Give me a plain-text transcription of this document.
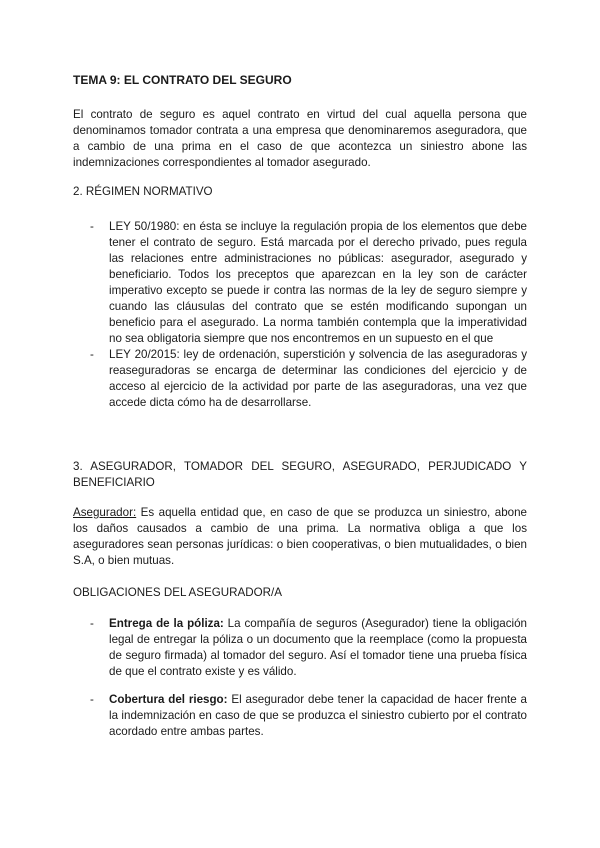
TEMA 9: EL CONTRATO DEL SEGURO

El contrato de seguro es aquel contrato en virtud del cual aquella persona que denominamos tomador contrata a una empresa que denominaremos aseguradora, que a cambio de una prima en el caso de que acontezca un siniestro abone las indemnizaciones correspondientes al tomador asegurado.

2. RÉGIMEN NORMATIVO

- LEY 50/1980: en ésta se incluye la regulación propia de los elementos que debe tener el contrato de seguro. Está marcada por el derecho privado, pues regula las relaciones entre administraciones no públicas: asegurador, asegurado y beneficiario. Todos los preceptos que aparezcan en la ley son de carácter imperativo excepto se puede ir contra las normas de la ley de seguro siempre y cuando las cláusulas del contrato que se estén modificando supongan un beneficio para el asegurado. La norma también contempla que la imperatividad no sea obligatoria siempre que nos encontremos en un supuesto en el que
- LEY 20/2015: ley de ordenación, superstición y solvencia de las aseguradoras y reaseguradoras se encarga de determinar las condiciones del ejercicio y de acceso al ejercicio de la actividad por parte de las aseguradoras, una vez que accede dicta cómo ha de desarrollarse.

3. ASEGURADOR, TOMADOR DEL SEGURO, ASEGURADO, PERJUDICADO Y BENEFICIARIO

Asegurador: Es aquella entidad que, en caso de que se produzca un siniestro, abone los daños causados a cambio de una prima. La normativa obliga a que los aseguradores sean personas jurídicas: o bien cooperativas, o bien mutualidades, o bien S.A, o bien mutuas.

OBLIGACIONES DEL ASEGURADOR/A

- Entrega de la póliza: La compañía de seguros (Asegurador) tiene la obligación legal de entregar la póliza o un documento que la reemplace (como la propuesta de seguro firmada) al tomador del seguro. Así el tomador tiene una prueba física de que el contrato existe y es válido.
- Cobertura del riesgo: El asegurador debe tener la capacidad de hacer frente a la indemnización en caso de que se produzca el siniestro cubierto por el contrato acordado entre ambas partes.
